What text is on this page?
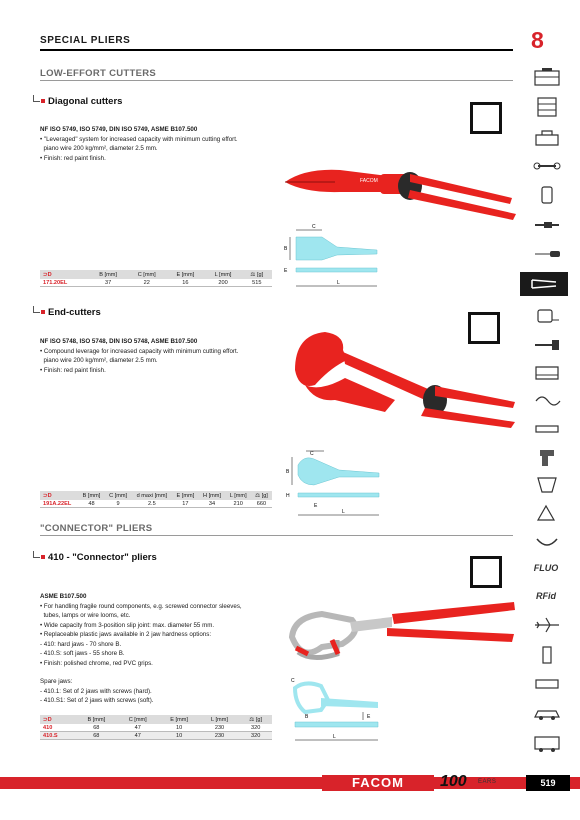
SPECIAL PLIERS	8
LOW-EFFORT CUTTERS
Diagonal cutters
NF ISO 5749, ISO 5749, DIN ISO 5749, ASME B107.500
• "Leveraged" system for increased capacity with minimum cutting effort.
piano wire 200 kg/mm², diameter 2.5 mm.
• Finish: red paint finish.
FACOM
C
B
E
L
⊃D	B [mm]	C [mm]	E [mm]	L [mm]	⚖ [g]
171.20EL	37	22	16	200	515
End-cutters
NF ISO 5748, ISO 5748, DIN ISO 5748, ASME B107.500
• Compound leverage for increased capacity with minimum cutting effort.
piano wire 200 kg/mm², diameter 2.5 mm.
• Finish: red paint finish.
C
B
H
E
L
⊃D	B [mm]	C [mm]	d maxi [mm]	E [mm]	H [mm]	L [mm]	⚖ [g]
191A.22EL	48	9	2.5	17	34	210	660
"CONNECTOR" PLIERS
410 - "Connector" pliers
ASME B107.500
• For handling fragile round components, e.g. screwed connector sleeves,
tubes, lamps or wire looms, etc.
• Wide capacity from 3-position slip joint: max. diameter 55 mm.
• Replaceable plastic jaws available in 2 jaw hardness options:
- 410: hard jaws - 70 shore B.
- 410.S: soft jaws - 55 shore B.
• Finish: polished chrome, red PVC grips.
Spare jaws:
- 410.1: Set of 2 jaws with screws (hard).
- 410.S1: Set of 2 jaws with screws (soft).
C
B	E
L
⊃D	B [mm]	C [mm]	E [mm]	L [mm]	⚖ [g]
410	68	47	10	230	320
410.S	68	47	10	230	320
FLUO
RFid
FACOM	100 EARS	519
